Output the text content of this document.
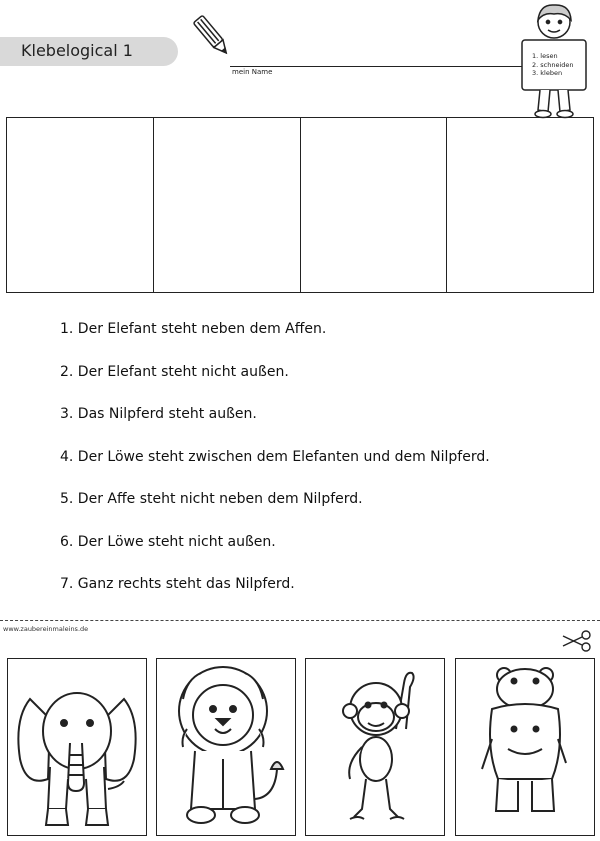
Klebelogical 1
mein Name
1. lesen
2. schneiden
3. kleben
1. Der Elefant steht neben dem Affen.
2. Der Elefant steht nicht außen.
3. Das Nilpferd steht außen.
4. Der Löwe steht zwischen dem Elefanten und dem Nilpferd.
5. Der Affe steht nicht neben dem Nilpferd.
6. Der Löwe steht nicht außen.
7. Ganz rechts steht das Nilpferd.
www.zaubereinmaleins.de
